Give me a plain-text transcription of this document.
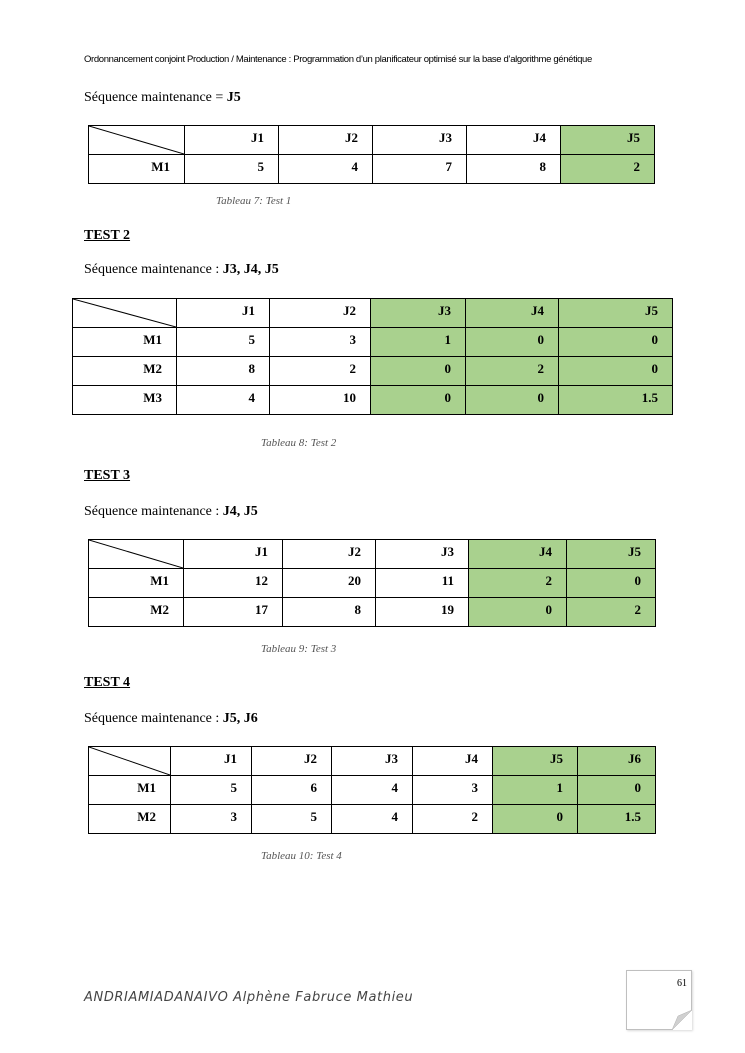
Ordonnancement conjoint Production / Maintenance : Programmation d’un planificateur optimisé sur la base d’algorithme génétique
Séquence maintenance = J5
	J1	J2	J3	J4	J5
M1	5	4	7	8	2
Tableau 7: Test 1
TEST 2
Séquence maintenance : J3, J4, J5
	J1	J2	J3	J4	J5
M1	5	3	1	0	0
M2	8	2	0	2	0
M3	4	10	0	0	1.5
Tableau 8: Test 2
TEST 3
Séquence maintenance : J4, J5
	J1	J2	J3	J4	J5
M1	12	20	11	2	0
M2	17	8	19	0	2
Tableau 9: Test 3
TEST 4
Séquence maintenance : J5, J6
	J1	J2	J3	J4	J5	J6
M1	5	6	4	3	1	0
M2	3	5	4	2	0	1.5
Tableau 10: Test 4
ANDRIAMIADANAIVO Alphène Fabruce Mathieu
61
